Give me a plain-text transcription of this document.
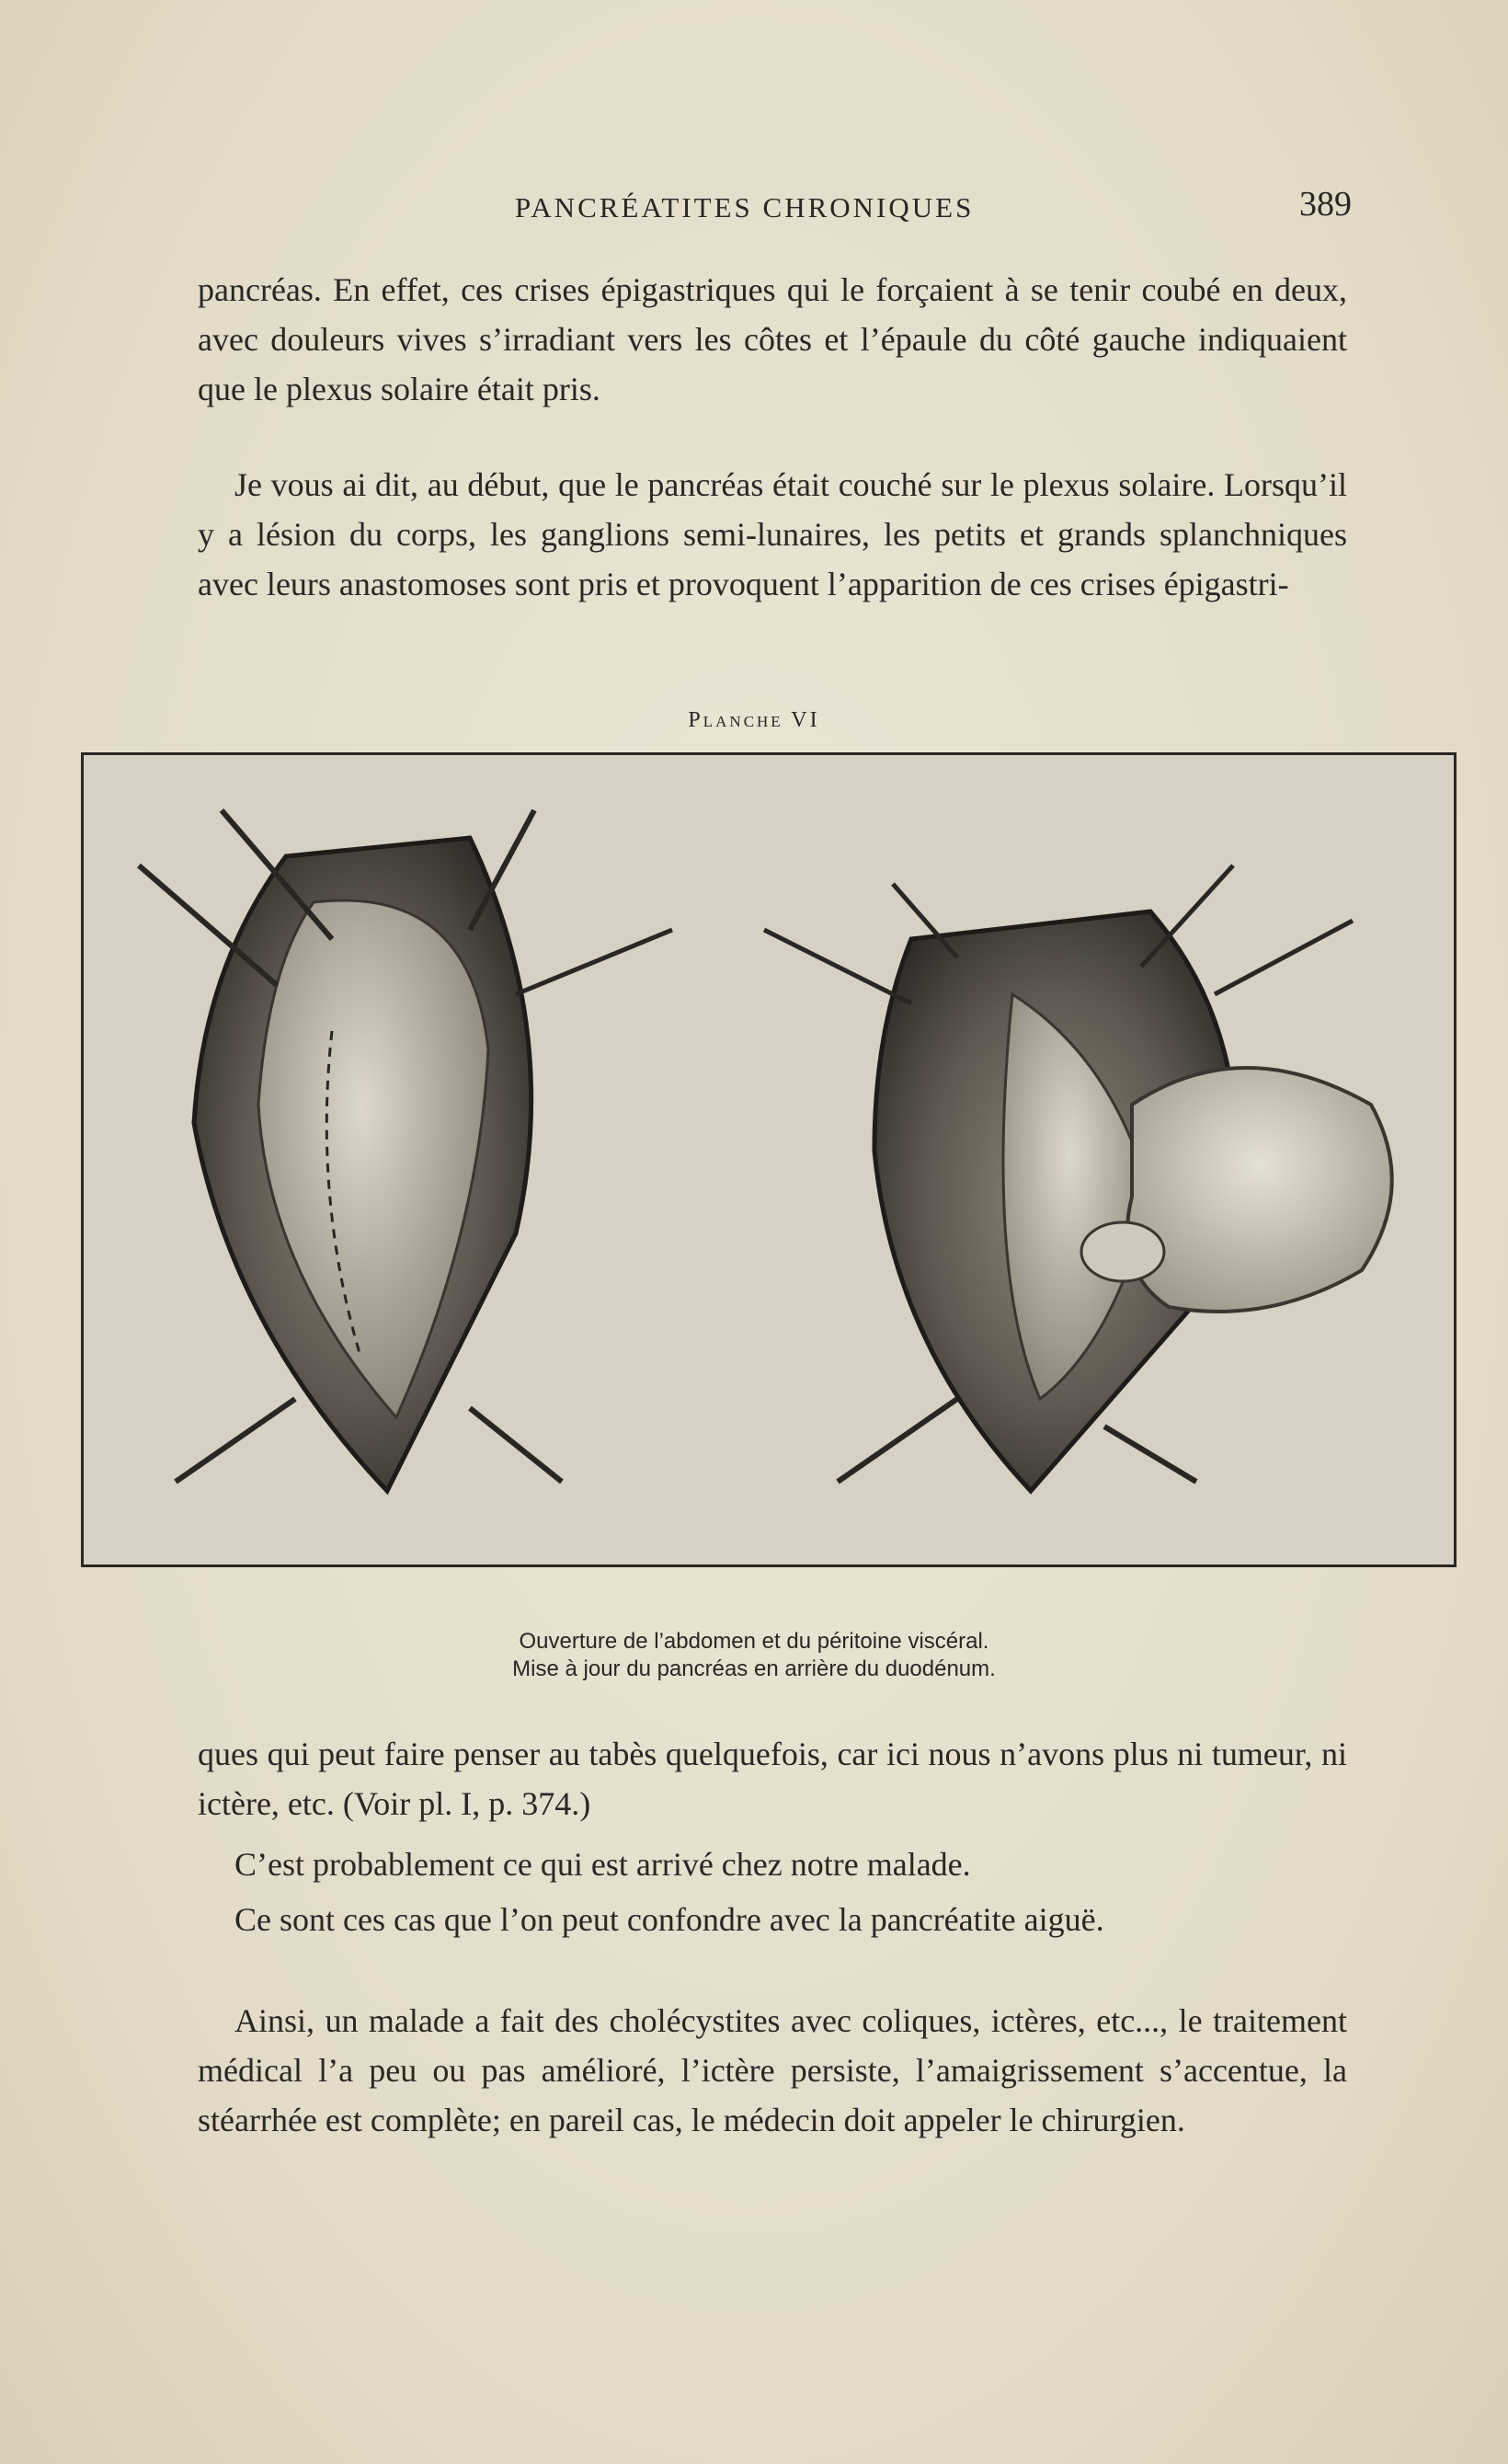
PANCRÉATITES CHRONIQUES	389

pancréas. En effet, ces crises épigastriques qui le forçaient à se tenir coubé en deux, avec douleurs vives s’irradiant vers les côtes et l’épaule du côté gauche indiquaient que le plexus solaire était pris.

Je vous ai dit, au début, que le pancréas était couché sur le plexus solaire. Lorsqu’il y a lésion du corps, les ganglions semi-lunaires, les petits et grands splanchniques avec leurs anastomoses sont pris et provoquent l’apparition de ces crises épigastri-

Planche VI
Ouverture de l’abdomen et du péritoine viscéral.
Mise à jour du pancréas en arrière du duodénum.

ques qui peut faire penser au tabès quelquefois, car ici nous n’avons plus ni tumeur, ni ictère, etc. (Voir pl. I, p. 374.)

C’est probablement ce qui est arrivé chez notre malade.

Ce sont ces cas que l’on peut confondre avec la pancréatite aiguë.

Ainsi, un malade a fait des cholécystites avec coliques, ictères, etc..., le traitement médical l’a peu ou pas amélioré, l’ictère persiste, l’amaigrissement s’accentue, la stéarrhée est complète; en pareil cas, le médecin doit appeler le chirurgien.
